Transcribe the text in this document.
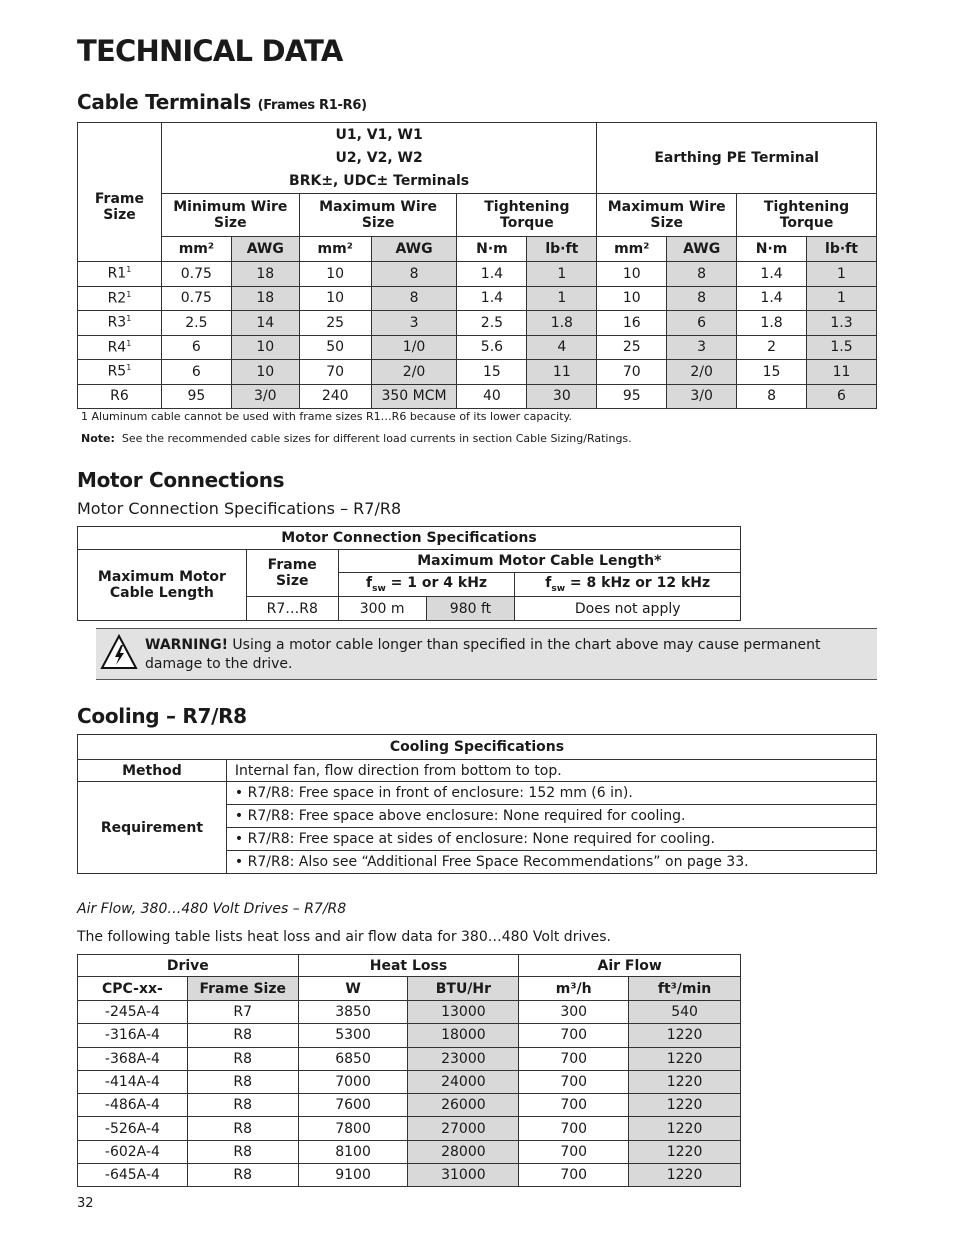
TECHNICAL DATA
Cable Terminals (Frames R1-R6)
Frame Size	U1, V1, W1
U2, V2, W2
BRK±, UDC± Terminals						Earthing PE Terminal			
	Minimum Wire Size		Maximum Wire Size		Tightening Torque		Maximum Wire Size		Tightening Torque	
	mm²	AWG	mm²	AWG	N·m	lb·ft	mm²	AWG	N·m	lb·ft
$R1^1$	0.75	18	10	8	1.4	1	10	8	1.4	1
$R2^1$	0.75	18	10	8	1.4	1	10	8	1.4	1
$R3^1$	2.5	14	25	3	2.5	1.8	16	6	1.8	1.3
$R4^1$	6	10	50	1/0	5.6	4	25	3	2	1.5
$R5^1$	6	10	70	2/0	15	11	70	2/0	15	11
R6	95	3/0	240	350 MCM	40	30	95	3/0	8	6
1 Aluminum cable cannot be used with frame sizes R1…R6 because of its lower capacity.
Note: See the recommended cable sizes for different load currents in section Cable Sizing/Ratings.
Motor Connections
Motor Connection Specifications – R7/R8
Motor Connection Specifications				
Maximum Motor Cable Length	Frame Size	Maximum Motor Cable Length*		
		$f_{sw} = 1$ or 4 kHz		$f_{sw} = 8$ kHz or 12 kHz
	R7…R8	300 m	980 ft	Does not apply
WARNING! Using a motor cable longer than specified in the chart above may cause permanent damage to the drive.
Cooling – R7/R8
Cooling Specifications	
Method	Internal fan, flow direction from bottom to top.
Requirement	• R7/R8: Free space in front of enclosure: 152 mm (6 in).
	• R7/R8: Free space above enclosure: None required for cooling.
	• R7/R8: Free space at sides of enclosure: None required for cooling.
	• R7/R8: Also see “Additional Free Space Recommendations” on page 33.
Air Flow, 380…480 Volt Drives – R7/R8
The following table lists heat loss and air flow data for 380…480 Volt drives.
Drive		Heat Loss		Air Flow	
CPC-xx-	Frame Size	W	BTU/Hr	m³/h	ft³/min
-245A-4	R7	3850	13000	300	540
-316A-4	R8	5300	18000	700	1220
-368A-4	R8	6850	23000	700	1220
-414A-4	R8	7000	24000	700	1220
-486A-4	R8	7600	26000	700	1220
-526A-4	R8	7800	27000	700	1220
-602A-4	R8	8100	28000	700	1220
-645A-4	R8	9100	31000	700	1220
32
